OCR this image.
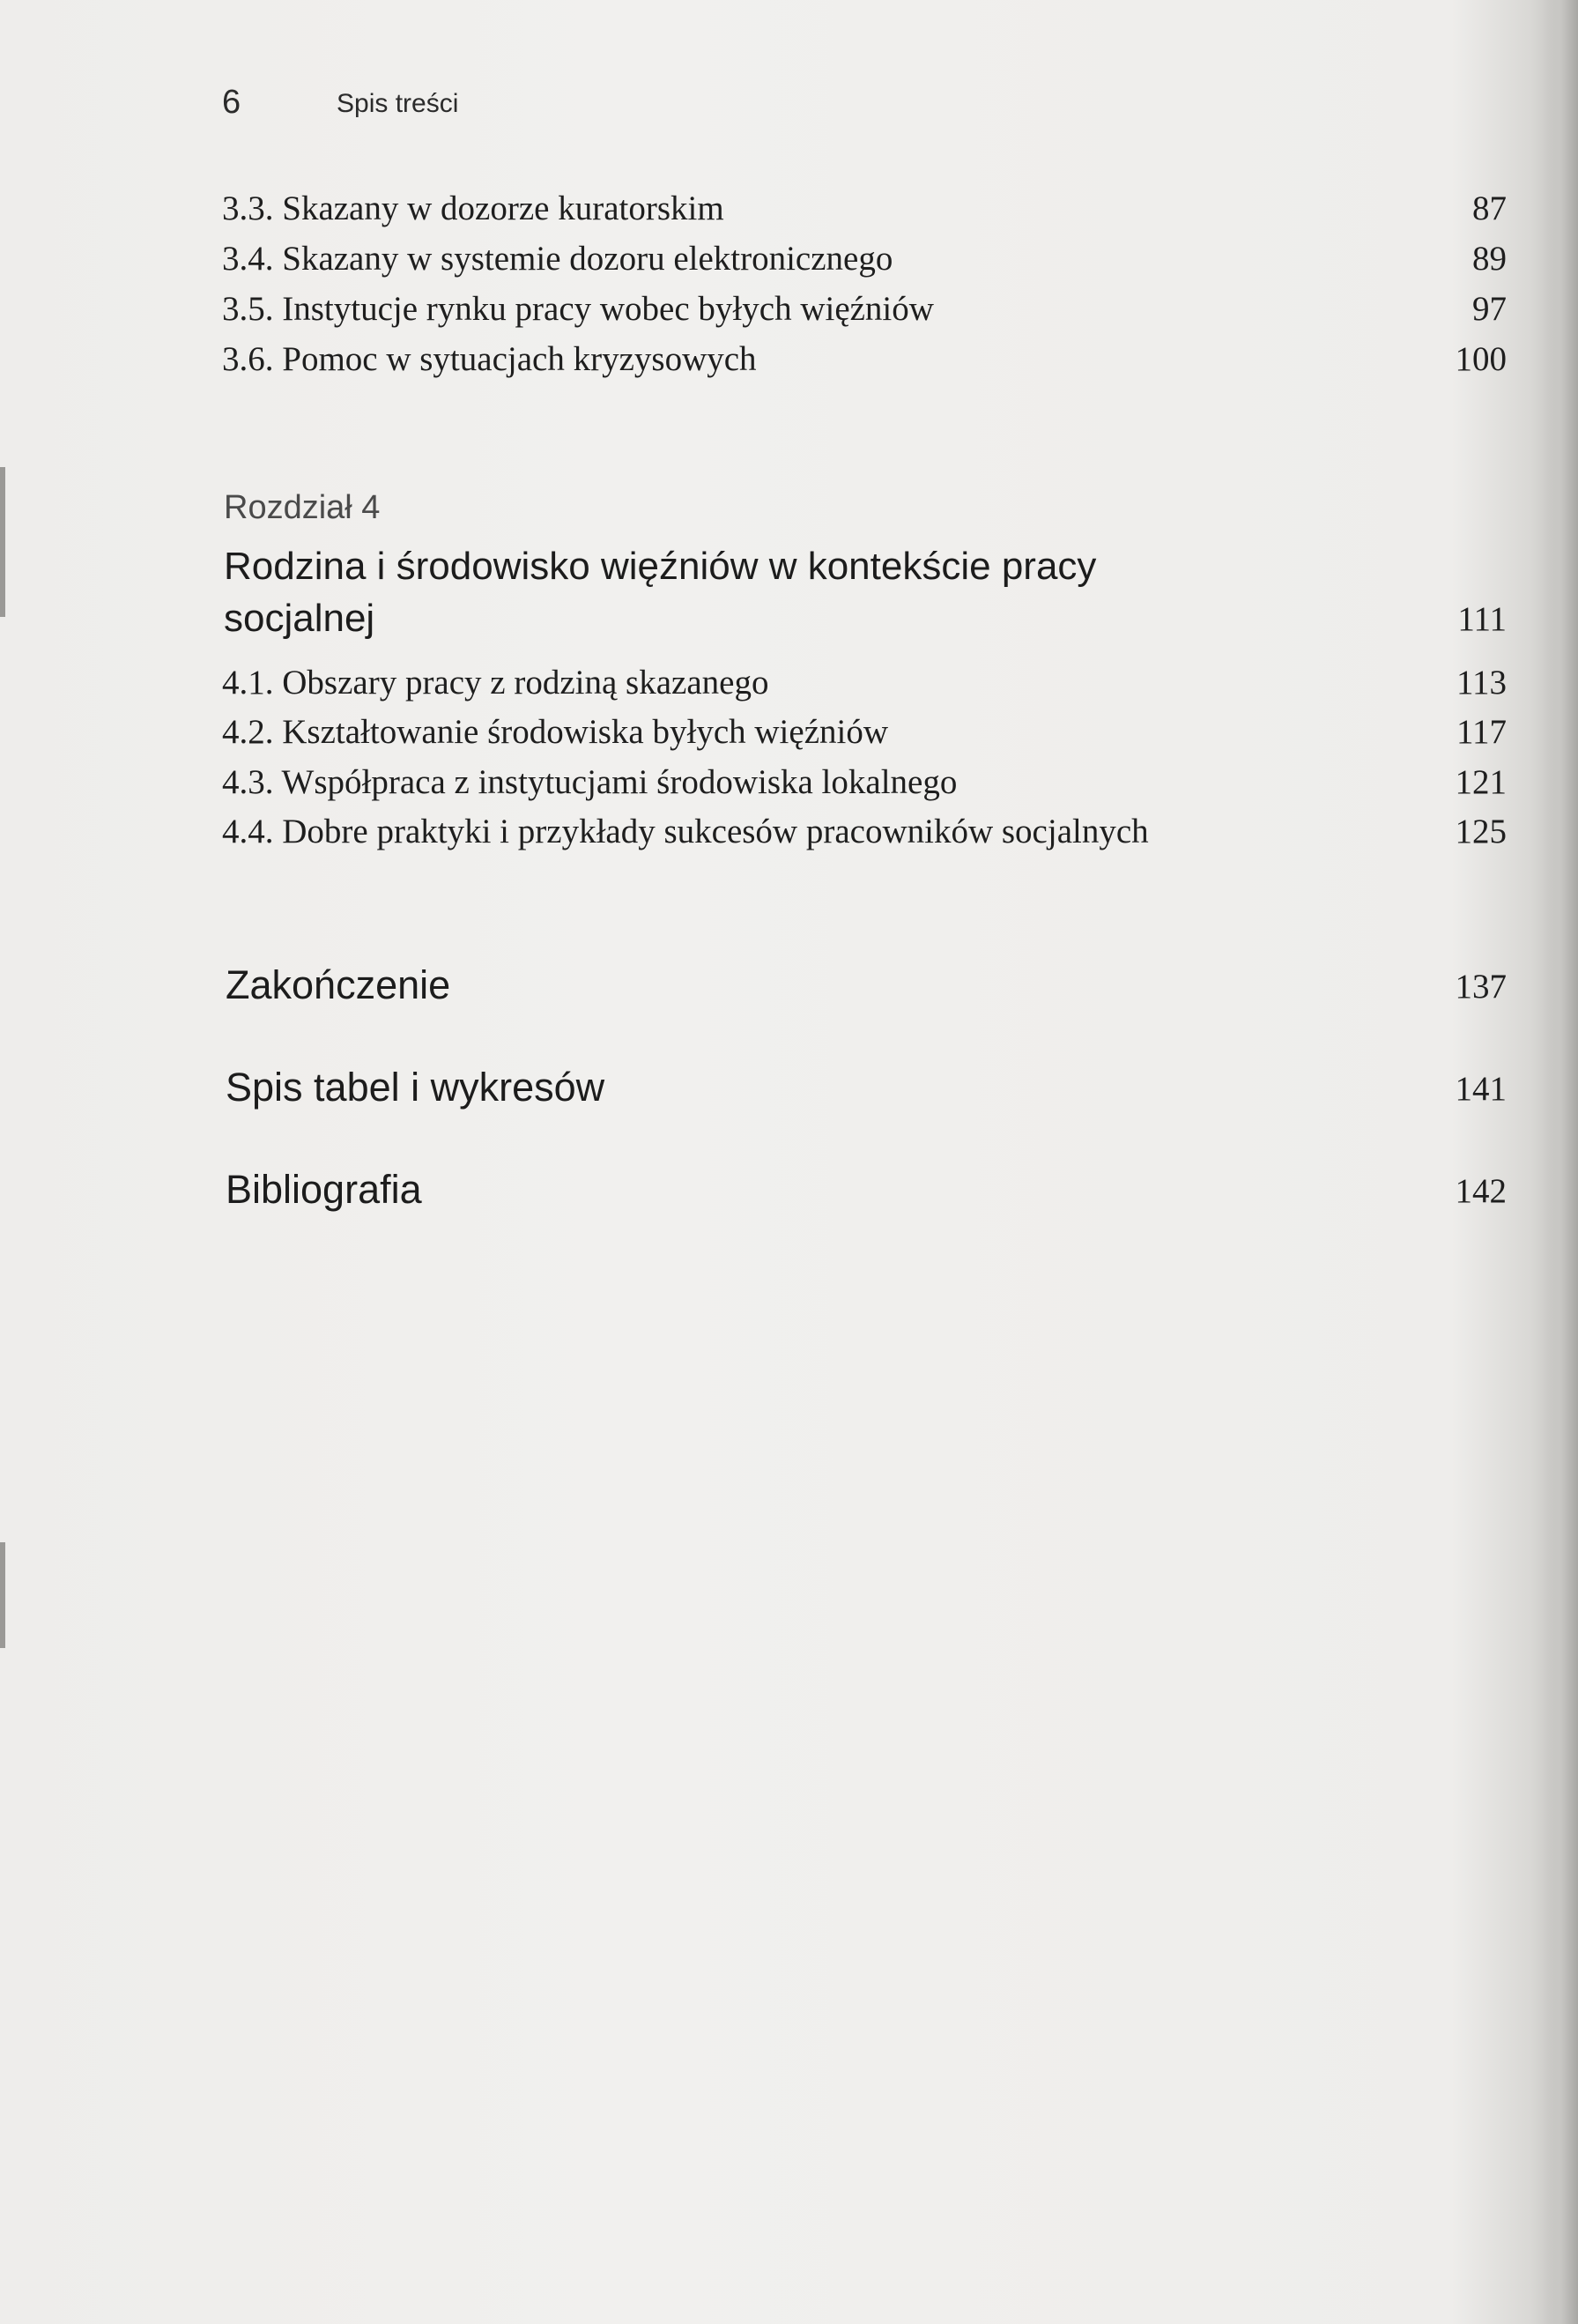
6	Spis treści
3.3. Skazany w dozorze kuratorskim	87
3.4. Skazany w systemie dozoru elektronicznego	89
3.5. Instytucje rynku pracy wobec byłych więźniów	97
3.6. Pomoc w sytuacjach kryzysowych	100
Rozdział 4
Rodzina i środowisko więźniów w kontekście pracy
socjalnej	111
4.1. Obszary pracy z rodziną skazanego	113
4.2. Kształtowanie środowiska byłych więźniów	117
4.3. Współpraca z instytucjami środowiska lokalnego	121
4.4. Dobre praktyki i przykłady sukcesów pracowników socjalnych	125
Zakończenie	137
Spis tabel i wykresów	141
Bibliografia	142
